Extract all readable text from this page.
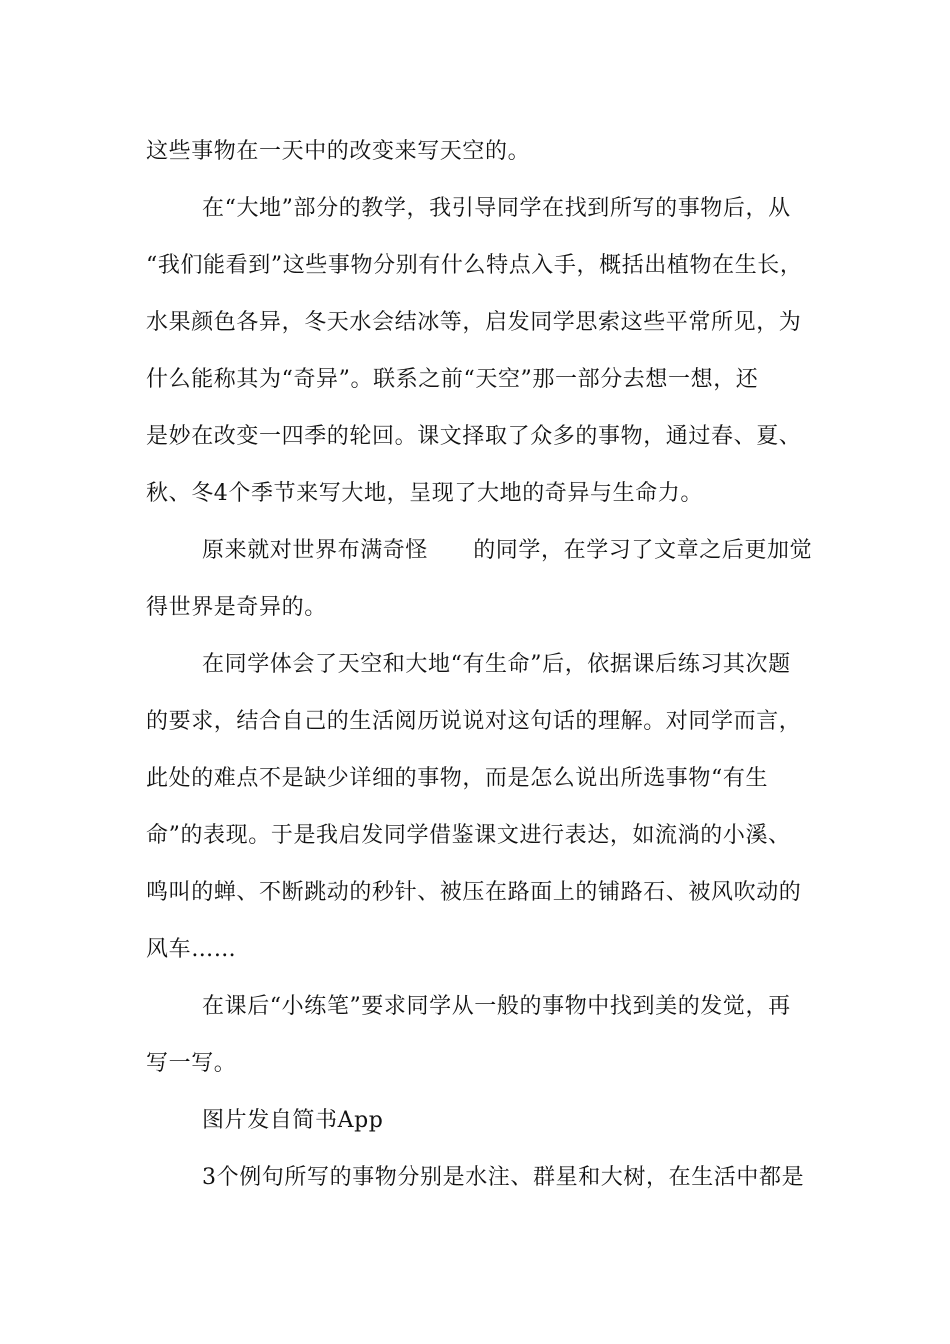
这些事物在一天中的改变来写天空的。
在“大地”部分的教学，我引导同学在找到所写的事物后，从
“我们能看到”这些事物分别有什么特点入手，概括出植物在生长，
水果颜色各异，冬天水会结冰等，启发同学思索这些平常所见，为
什么能称其为“奇异”。联系之前“天空”那一部分去想一想，还
是妙在改变一四季的轮回。课文择取了众多的事物，通过春、夏、
秋、冬4个季节来写大地，呈现了大地的奇异与生命力。
原来就对世界布满奇怪　　的同学，在学习了文章之后更加觉
得世界是奇异的。
在同学体会了天空和大地“有生命”后，依据课后练习其次题
的要求，结合自己的生活阅历说说对这句话的理解。对同学而言，
此处的难点不是缺少详细的事物，而是怎么说出所选事物“有生
命”的表现。于是我启发同学借鉴课文进行表达，如流淌的小溪、
鸣叫的蝉、不断跳动的秒针、被压在路面上的铺路石、被风吹动的
风车……
在课后“小练笔”要求同学从一般的事物中找到美的发觉，再
写一写。
图片发自简书App
3个例句所写的事物分别是水注、群星和大树，在生活中都是
